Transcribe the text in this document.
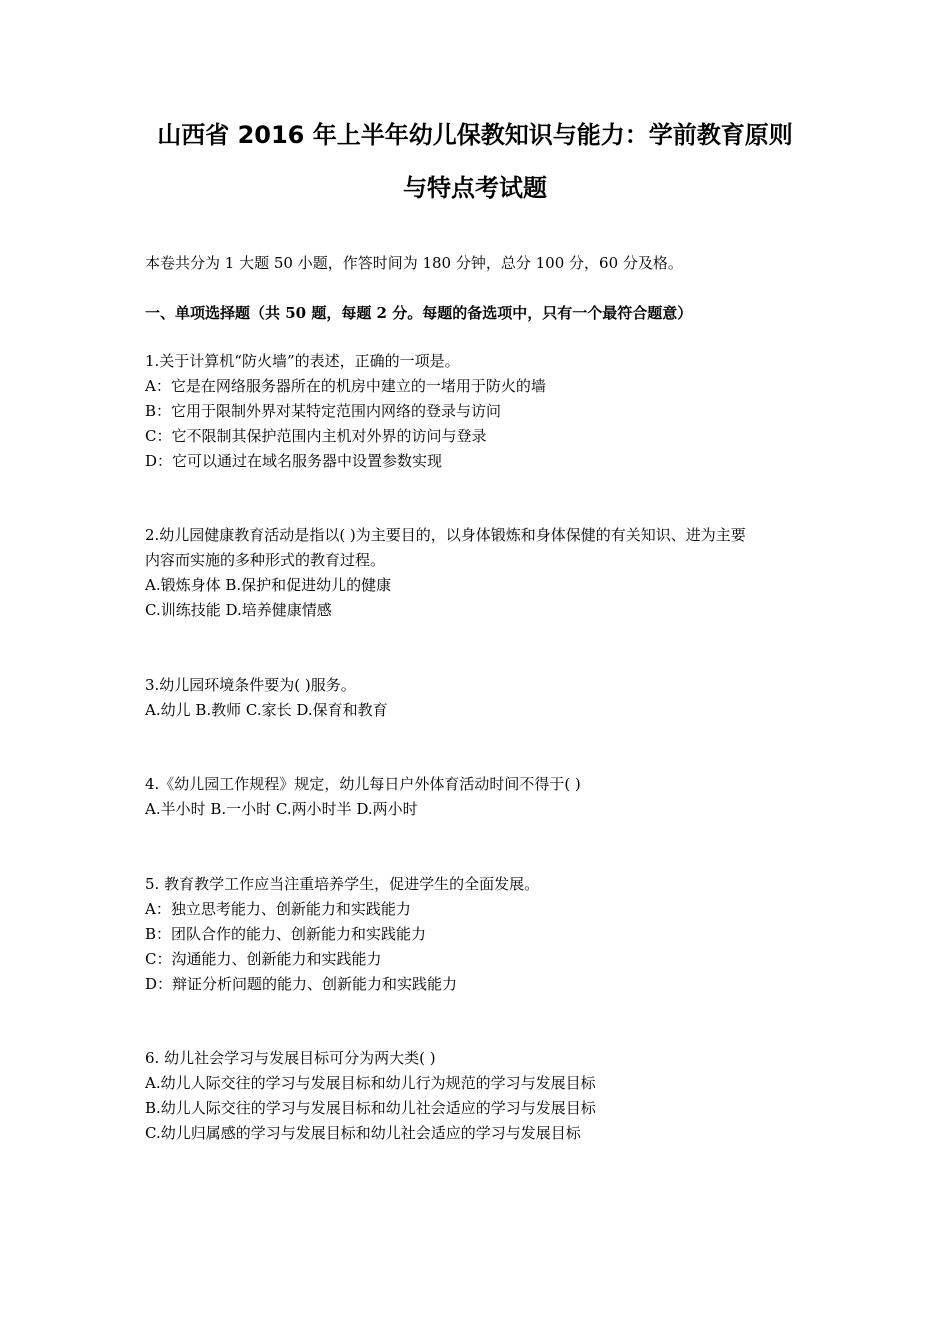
山西省 2016 年上半年幼儿保教知识与能力：学前教育原则
与特点考试题
本卷共分为 1 大题 50 小题，作答时间为 180 分钟，总分 100 分，60 分及格。
一、单项选择题（共 50 题，每题 2 分。每题的备选项中，只有一个最符合题意）
1.关于计算机“防火墙”的表述，正确的一项是。
A：它是在网络服务器所在的机房中建立的一堵用于防火的墙
B：它用于限制外界对某特定范围内网络的登录与访问
C：它不限制其保护范围内主机对外界的访问与登录
D：它可以通过在域名服务器中设置参数实现
2.幼儿园健康教育活动是指以( )为主要目的，以身体锻炼和身体保健的有关知识、进为主要
内容而实施的多种形式的教育过程。
A.锻炼身体 B.保护和促进幼儿的健康
C.训练技能 D.培养健康情感
3.幼儿园环境条件要为( )服务。
A.幼儿 B.教师 C.家长 D.保育和教育
4.《幼儿园工作规程》规定，幼儿每日户外体育活动时间不得于( )
A.半小时 B.一小时 C.两小时半 D.两小时
5. 教育教学工作应当注重培养学生，促进学生的全面发展。
A：独立思考能力、创新能力和实践能力
B：团队合作的能力、创新能力和实践能力
C：沟通能力、创新能力和实践能力
D：辩证分析问题的能力、创新能力和实践能力
6. 幼儿社会学习与发展目标可分为两大类( )
A.幼儿人际交往的学习与发展目标和幼儿行为规范的学习与发展目标
B.幼儿人际交往的学习与发展目标和幼儿社会适应的学习与发展目标
C.幼儿归属感的学习与发展目标和幼儿社会适应的学习与发展目标
